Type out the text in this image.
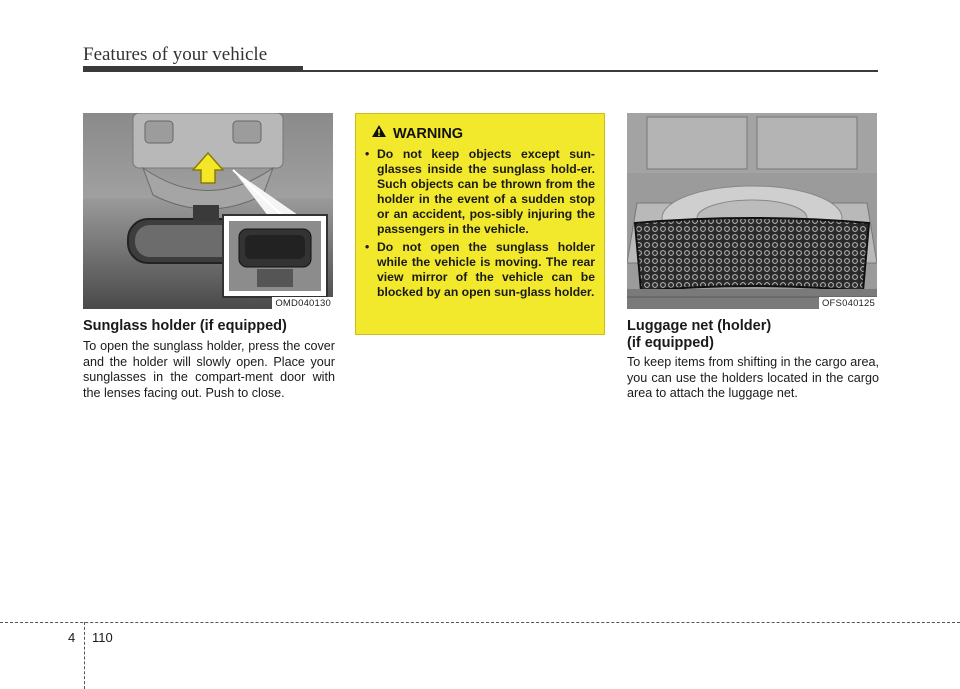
Features of your vehicle
OMD040130
Sunglass holder (if equipped)
To open the sunglass holder, press the cover and the holder will slowly open. Place your sunglasses in the compart-ment door with the lenses facing out. Push to close.
WARNING
• Do not keep objects except sun-glasses inside the sunglass hold-er. Such objects can be thrown from the holder in the event of a sudden stop or an accident, pos-sibly injuring the passengers in the vehicle.
• Do not open the sunglass holder while the vehicle is moving. The rear view mirror of the vehicle can be blocked by an open sun-glass holder.
OFS040125
Luggage net (holder)
(if equipped)
To keep items from shifting in the cargo area, you can use the holders located in the cargo area to attach the luggage net.
4 110
